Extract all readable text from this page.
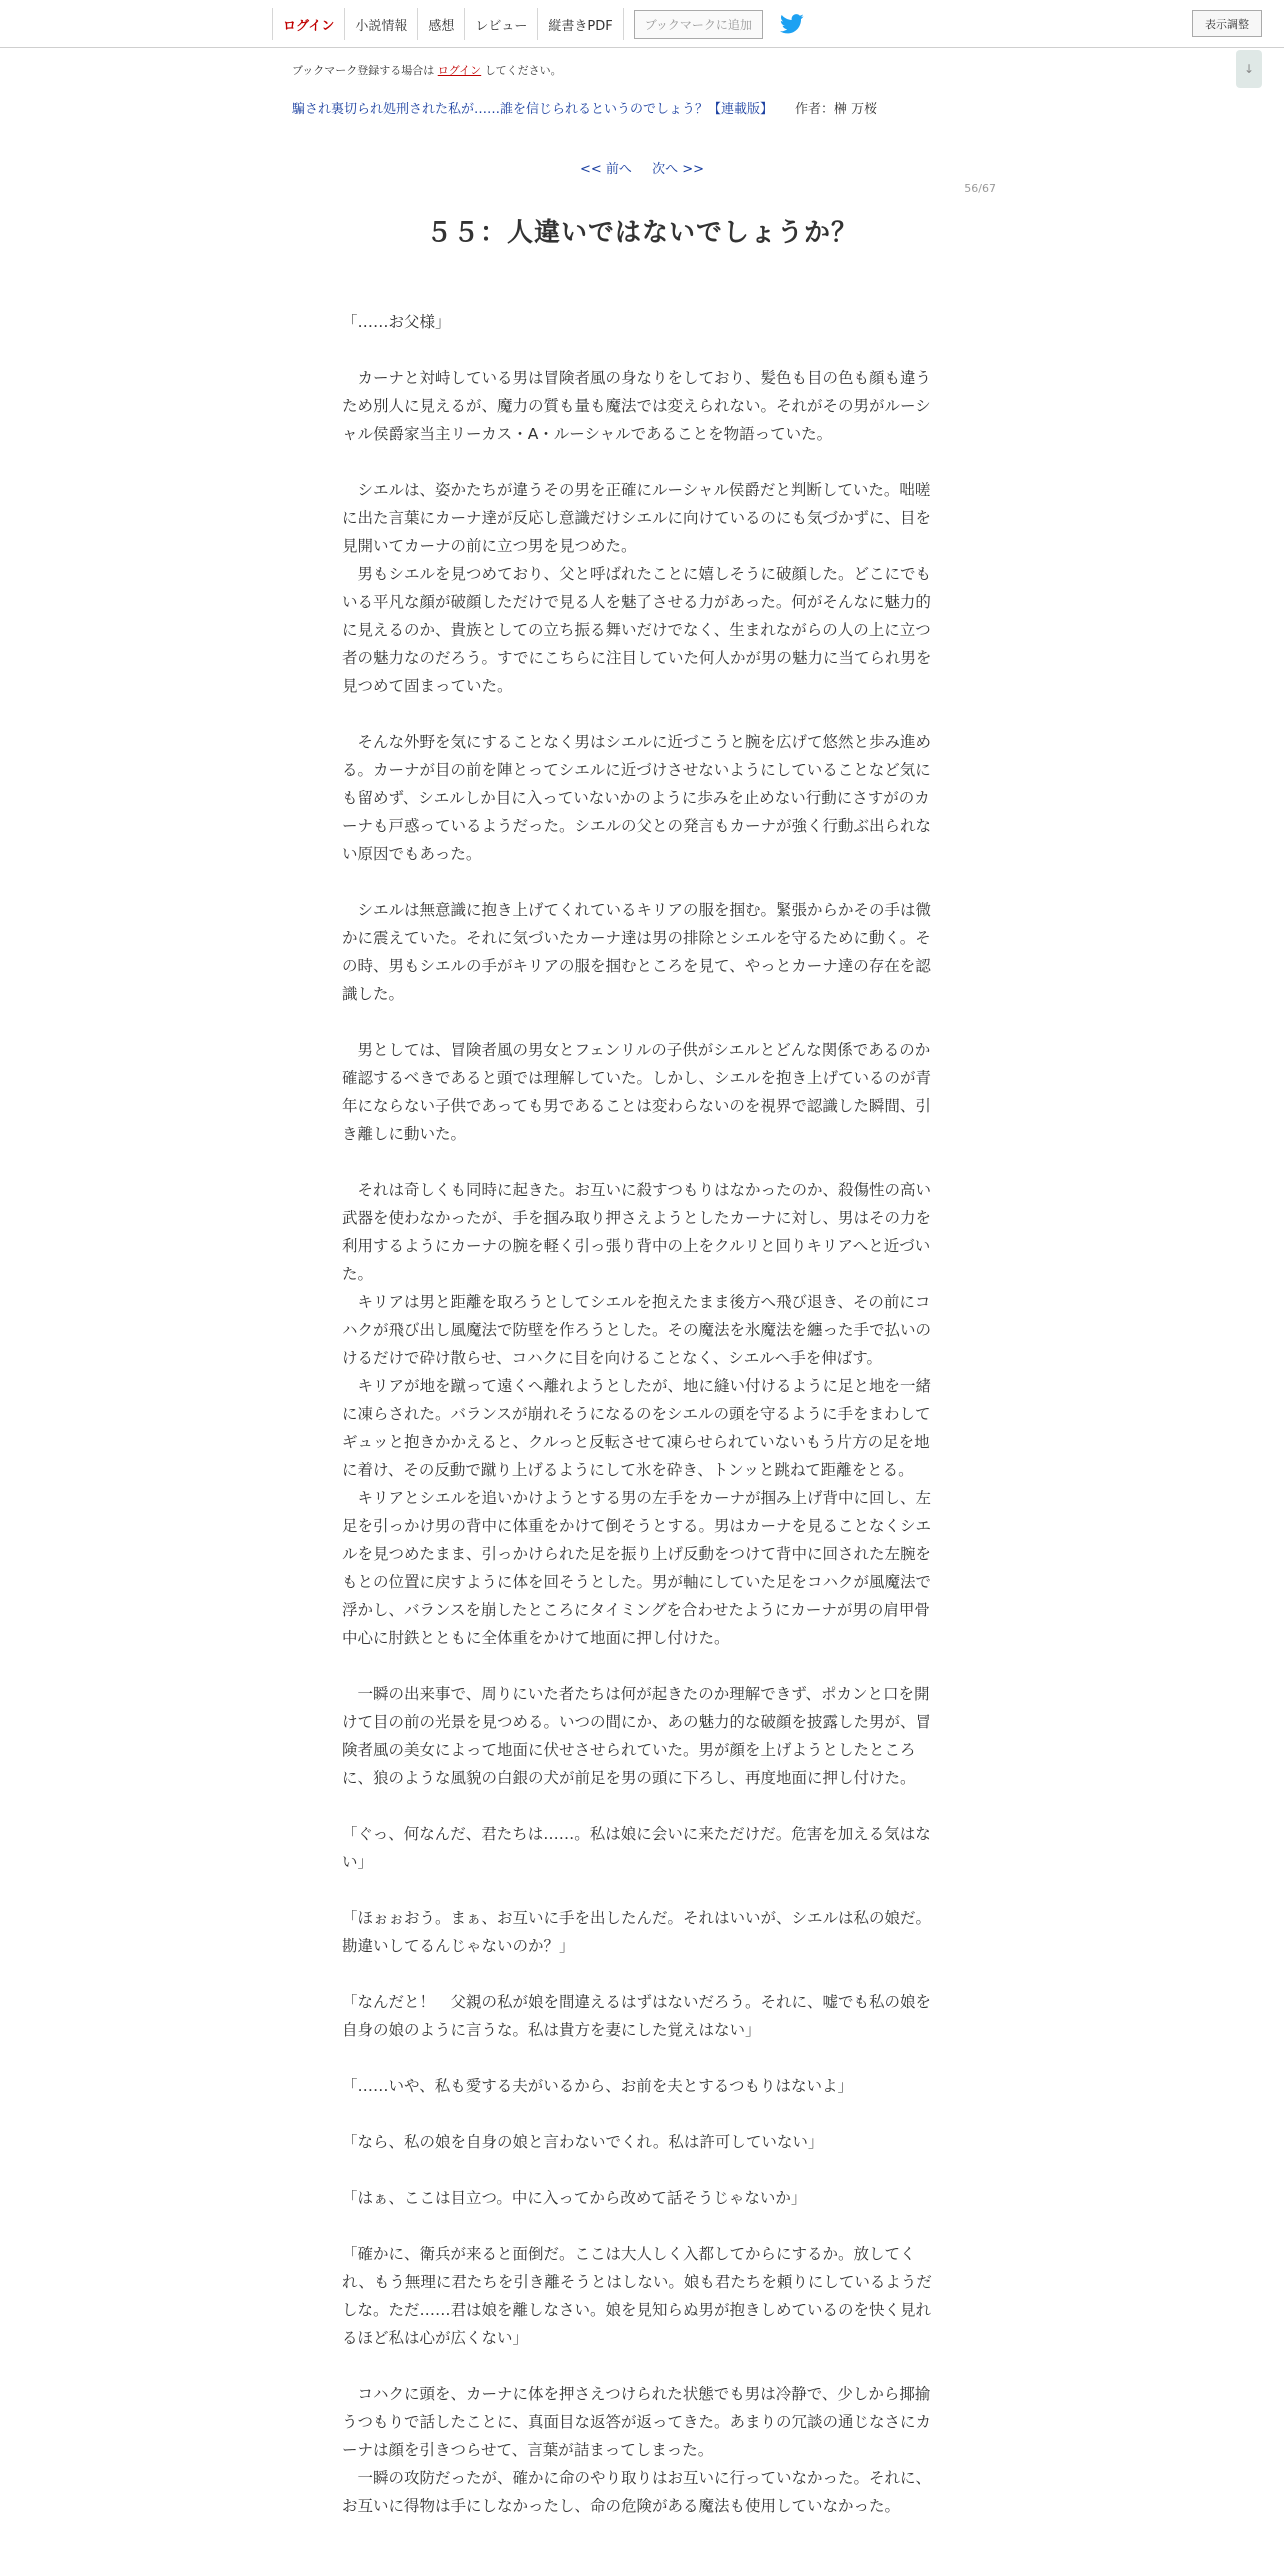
ログイン	小説情報	感想	レビュー	縦書きPDF	ブックマークに追加	表示調整
↓
ブックマーク登録する場合は ログイン してください。
騙され裏切られ処刑された私が……誰を信じられるというのでしょう？【連載版】 作者： 榊 万桜
<< 前へ 次へ >>
56/67
５５：人違いではないでしょうか？

「……お父様」

　カーナと対峙している男は冒険者風の身なりをしており、髪色も目の色も顔も違うため別人に見えるが、魔力の質も量も魔法では変えられない。それがその男がルーシャル侯爵家当主リーカス・A・ルーシャルであることを物語っていた。

　シエルは、姿かたちが違うその男を正確にルーシャル侯爵だと判断していた。咄嗟に出た言葉にカーナ達が反応し意識だけシエルに向けているのにも気づかずに、目を見開いてカーナの前に立つ男を見つめた。

　男もシエルを見つめており、父と呼ばれたことに嬉しそうに破顔した。どこにでもいる平凡な顔が破顔しただけで見る人を魅了させる力があった。何がそんなに魅力的に見えるのか、貴族としての立ち振る舞いだけでなく、生まれながらの人の上に立つ者の魅力なのだろう。すでにこちらに注目していた何人かが男の魅力に当てられ男を見つめて固まっていた。

　そんな外野を気にすることなく男はシエルに近づこうと腕を広げて悠然と歩み進める。カーナが目の前を陣とってシエルに近づけさせないようにしていることなど気にも留めず、シエルしか目に入っていないかのように歩みを止めない行動にさすがのカーナも戸惑っているようだった。シエルの父との発言もカーナが強く行動ぶ出られない原因でもあった。

　シエルは無意識に抱き上げてくれているキリアの服を掴む。緊張からかその手は微かに震えていた。それに気づいたカーナ達は男の排除とシエルを守るために動く。その時、男もシエルの手がキリアの服を掴むところを見て、やっとカーナ達の存在を認識した。

　男としては、冒険者風の男女とフェンリルの子供がシエルとどんな関係であるのか確認するべきであると頭では理解していた。しかし、シエルを抱き上げているのが青年にならない子供であっても男であることは変わらないのを視界で認識した瞬間、引き離しに動いた。

　それは奇しくも同時に起きた。お互いに殺すつもりはなかったのか、殺傷性の高い武器を使わなかったが、手を掴み取り押さえようとしたカーナに対し、男はその力を利用するようにカーナの腕を軽く引っ張り背中の上をクルリと回りキリアへと近づいた。

　キリアは男と距離を取ろうとしてシエルを抱えたまま後方へ飛び退き、その前にコハクが飛び出し風魔法で防壁を作ろうとした。その魔法を氷魔法を纏った手で払いのけるだけで砕け散らせ、コハクに目を向けることなく、シエルへ手を伸ばす。

　キリアが地を蹴って遠くへ離れようとしたが、地に縫い付けるように足と地を一緒に凍らされた。バランスが崩れそうになるのをシエルの頭を守るように手をまわしてギュッと抱きかかえると、クルっと反転させて凍らせられていないもう片方の足を地に着け、その反動で蹴り上げるようにして氷を砕き、トンッと跳ねて距離をとる。

　キリアとシエルを追いかけようとする男の左手をカーナが掴み上げ背中に回し、左足を引っかけ男の背中に体重をかけて倒そうとする。男はカーナを見ることなくシエルを見つめたまま、引っかけられた足を振り上げ反動をつけて背中に回された左腕をもとの位置に戻すように体を回そうとした。男が軸にしていた足をコハクが風魔法で浮かし、バランスを崩したところにタイミングを合わせたようにカーナが男の肩甲骨中心に肘鉄とともに全体重をかけて地面に押し付けた。

　一瞬の出来事で、周りにいた者たちは何が起きたのか理解できず、ポカンと口を開けて目の前の光景を見つめる。いつの間にか、あの魅力的な破顔を披露した男が、冒険者風の美女によって地面に伏せさせられていた。男が顔を上げようとしたところに、狼のような風貌の白銀の犬が前足を男の頭に下ろし、再度地面に押し付けた。

「ぐっ、何なんだ、君たちは……。私は娘に会いに来ただけだ。危害を加える気はない」

「ほぉぉおう。まぁ、お互いに手を出したんだ。それはいいが、シエルは私の娘だ。勘違いしてるんじゃないのか？」

「なんだと！　父親の私が娘を間違えるはずはないだろう。それに、嘘でも私の娘を自身の娘のように言うな。私は貴方を妻にした覚えはない」

「……いや、私も愛する夫がいるから、お前を夫とするつもりはないよ」

「なら、私の娘を自身の娘と言わないでくれ。私は許可していない」

「はぁ、ここは目立つ。中に入ってから改めて話そうじゃないか」

「確かに、衛兵が来ると面倒だ。ここは大人しく入都してからにするか。放してくれ、もう無理に君たちを引き離そうとはしない。娘も君たちを頼りにしているようだしな。ただ……君は娘を離しなさい。娘を見知らぬ男が抱きしめているのを快く見れるほど私は心が広くない」

　コハクに頭を、カーナに体を押さえつけられた状態でも男は冷静で、少しから揶揄うつもりで話したことに、真面目な返答が返ってきた。あまりの冗談の通じなさにカーナは顔を引きつらせて、言葉が詰まってしまった。

　一瞬の攻防だったが、確かに命のやり取りはお互いに行っていなかった。それに、お互いに得物は手にしなかったし、命の危険がある魔法も使用していなかった。
